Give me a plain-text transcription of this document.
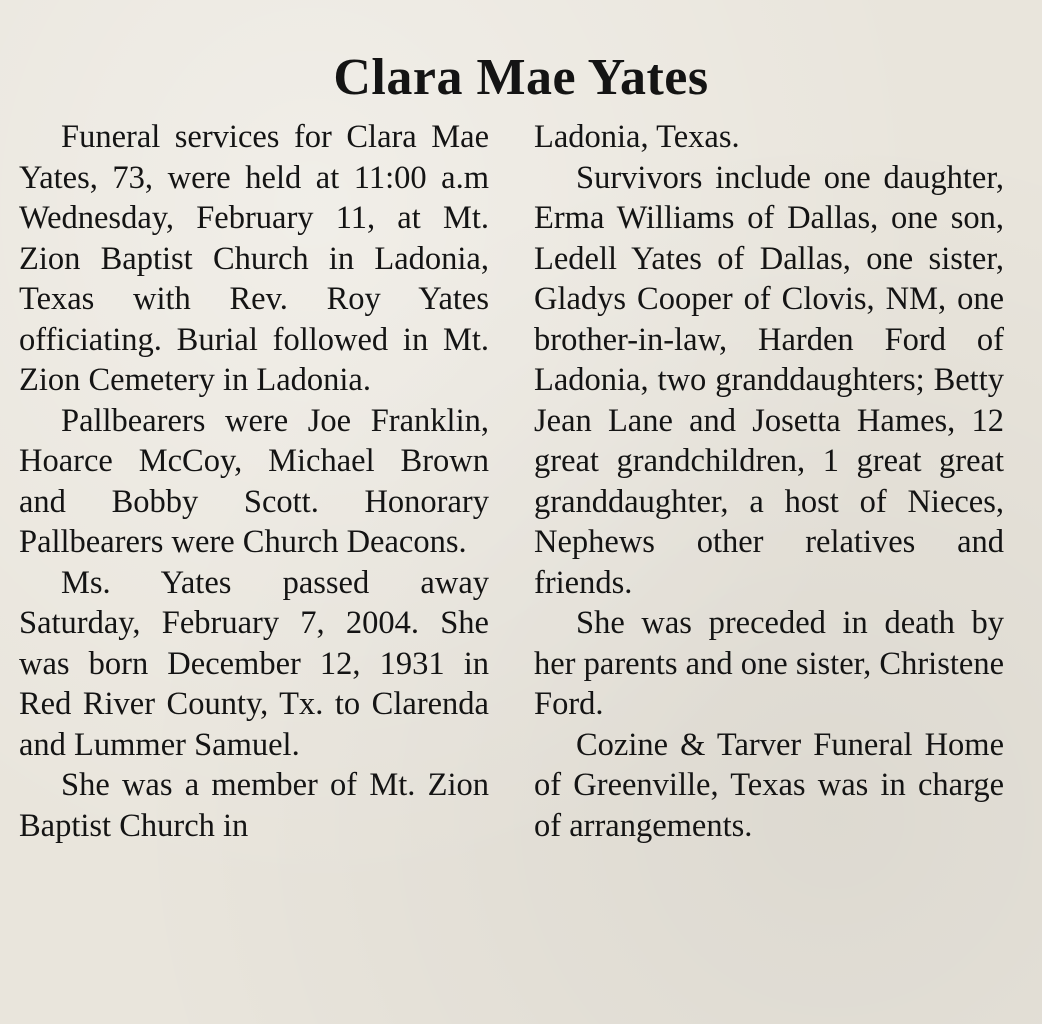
Clara Mae Yates

Funeral services for Clara Mae Yates, 73, were held at 11:00 a.m Wednesday, February 11, at Mt. Zion Baptist Church in Ladonia, Texas with Rev. Roy Yates officiating. Burial followed in Mt. Zion Cemetery in Ladonia.

Pallbearers were Joe Franklin, Hoarce McCoy, Michael Brown and Bobby Scott. Honorary Pallbearers were Church Deacons.

Ms. Yates passed away Saturday, February 7, 2004. She was born December 12, 1931 in Red River County, Tx. to Clarenda and Lummer Samuel.

She was a member of Mt. Zion Baptist Church in

Ladonia, Texas.

Survivors include one daughter, Erma Williams of Dallas, one son, Ledell Yates of Dallas, one sister, Gladys Cooper of Clovis, NM, one brother-in-law, Harden Ford of Ladonia, two granddaughters; Betty Jean Lane and Josetta Hames, 12 great grandchildren, 1 great great granddaughter, a host of Nieces, Nephews other relatives and friends.

She was preceded in death by her parents and one sister, Christene Ford.

Cozine & Tarver Funeral Home of Greenville, Texas was in charge of arrangements.
